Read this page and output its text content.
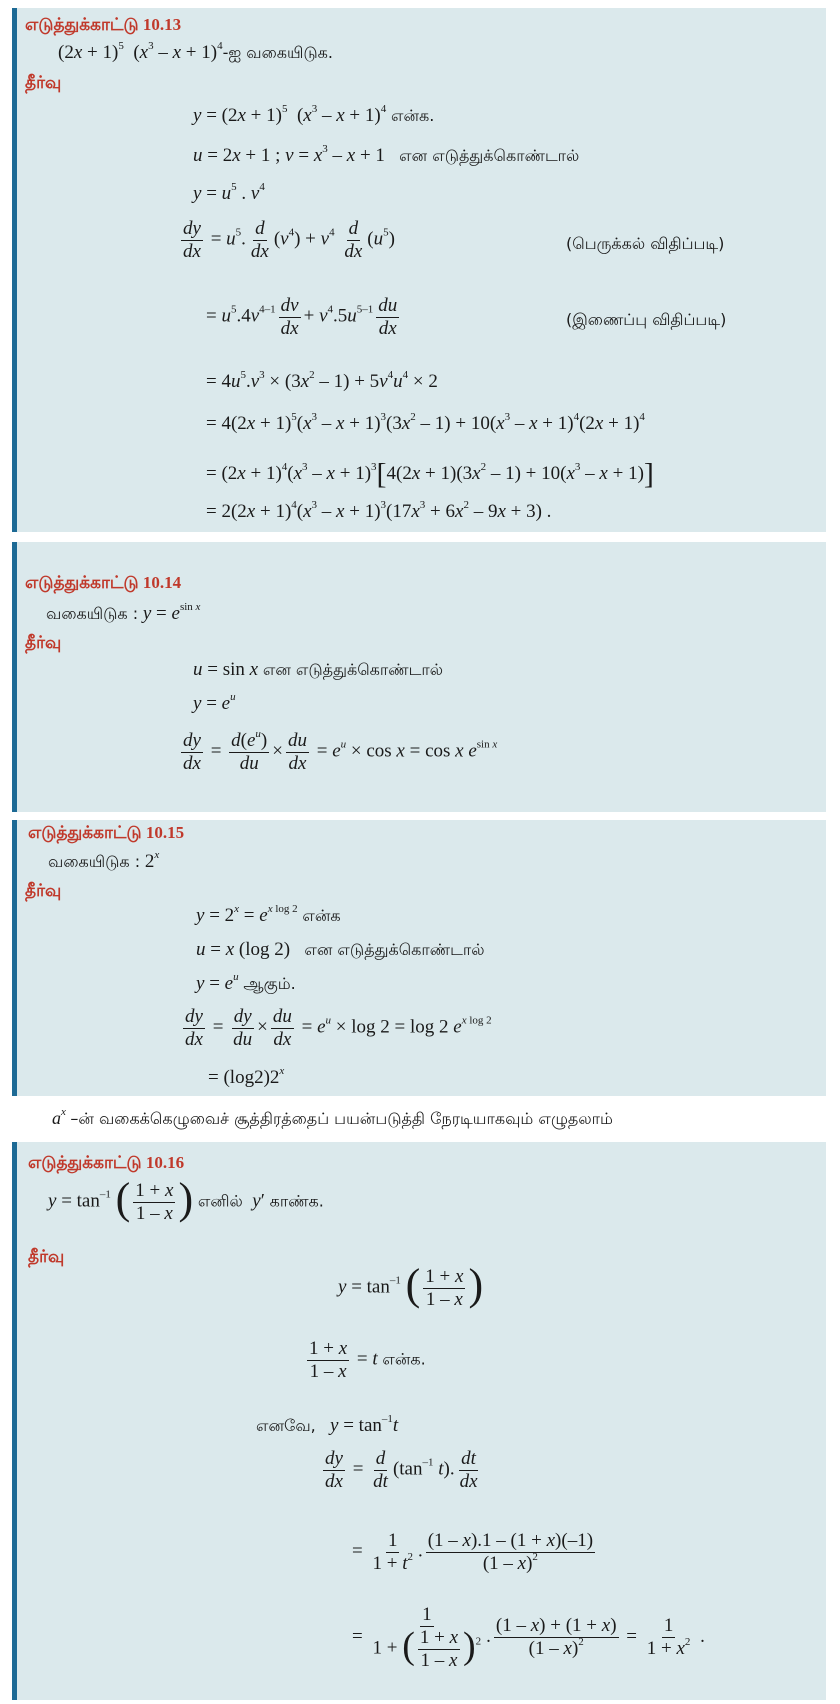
எடுத்துக்காட்டு 10.13
$(2x + 1)^5$  ($x^3$ – $x + 1)^4-ஐ$ வகையிடுக.
தீர்வு
$y = (2x + 1)^5$  $(x^3 - x + 1)^4$ என்க.
u = 2x + 1 ; $v = x^3 - x + 1$   என எடுத்துக்கொண்டால்
$y = u^5$ . $v^4$
$\frac{dy}{dx} = u^5$. $\frac{d}{dx} (v^4) + v^4 \frac{d}{dx} (u^5)$	(பெருக்கல் விதிப்படி)
= $u^5.4v^{4-1} \frac{dv}{dx} + v^4.5u^{5-1} \frac{du}{dx}$	(இணைப்பு விதிப்படி)
= $4u^5.v^3 \times (3x^2 - 1) + 5v^4u^4 \times 2$
= $4(2x + 1)^5(x^3 - x + 1)^3(3x^2 - 1) + 10(x^3 - x + 1)^4(2x + 1)^4$
= $(2x + 1)^4(x^3 - x + 1)^3[4(2x + 1)(3x^2 - 1) + 10(x^3 - x + 1)]$
= $2(2x + 1)^4(x^3 - x + 1)^3(17x^3 + 6x^2 - 9x + 3)$ .
எடுத்துக்காட்டு 10.14
வகையிடுக : $y = e^{sin x}$
தீர்வு
u = sin x என எடுத்துக்கொண்டால்
$y = e^u$
$\frac{dy}{dx} = \frac{d(e^u)}{du} \times \frac{du}{dx} = e^u \times \cos x = \cos x$ $e^{sin x}$
எடுத்துக்காட்டு 10.15
வகையிடுக : 2$^x$
தீர்வு
$y = 2^x = e^{x log 2}$ என்க
u = x (log 2)   என எடுத்துக்கொண்டால்
$y = e^u$ ஆகும்.
$\frac{dy}{dx} = \frac{dy}{du} \times \frac{du}{dx} = e^u \times \log 2 = \log 2$ $e^{x log 2}$
= $(\log 2)2^x$
$a^x$ –ன் வகைக்கெழுவைச் சூத்திரத்தைப் பயன்படுத்தி நேரடியாகவும் எழுதலாம்
எடுத்துக்காட்டு 10.16
$y = \tan^{-1}$ ( $\frac{1 + x}{1 - x}$ ) எனில் y′ காண்க.
தீர்வு
$y = \tan^{-1}$ ( $\frac{1 + x}{1 - x}$ )
$\frac{1 + x}{1 - x} = t$ என்க.
எனவே, $y = \tan^{-1}t$
$\frac{dy}{dx} = \frac{d}{dt} (\tan^{-1}$ t). $\frac{dt}{dx}$
= $\frac{1}{1 + t^2}$ . $\frac{(1 - x).1 - (1 + x)(-1)}{(1 - x)^2}$
= $\frac{1}{1 + ( \frac{1 + x}{1 - x} )^2}$ . $\frac{(1 - x) + (1 + x)}{(1 - x)^2} = \frac{1}{1 + x^2}$ .
